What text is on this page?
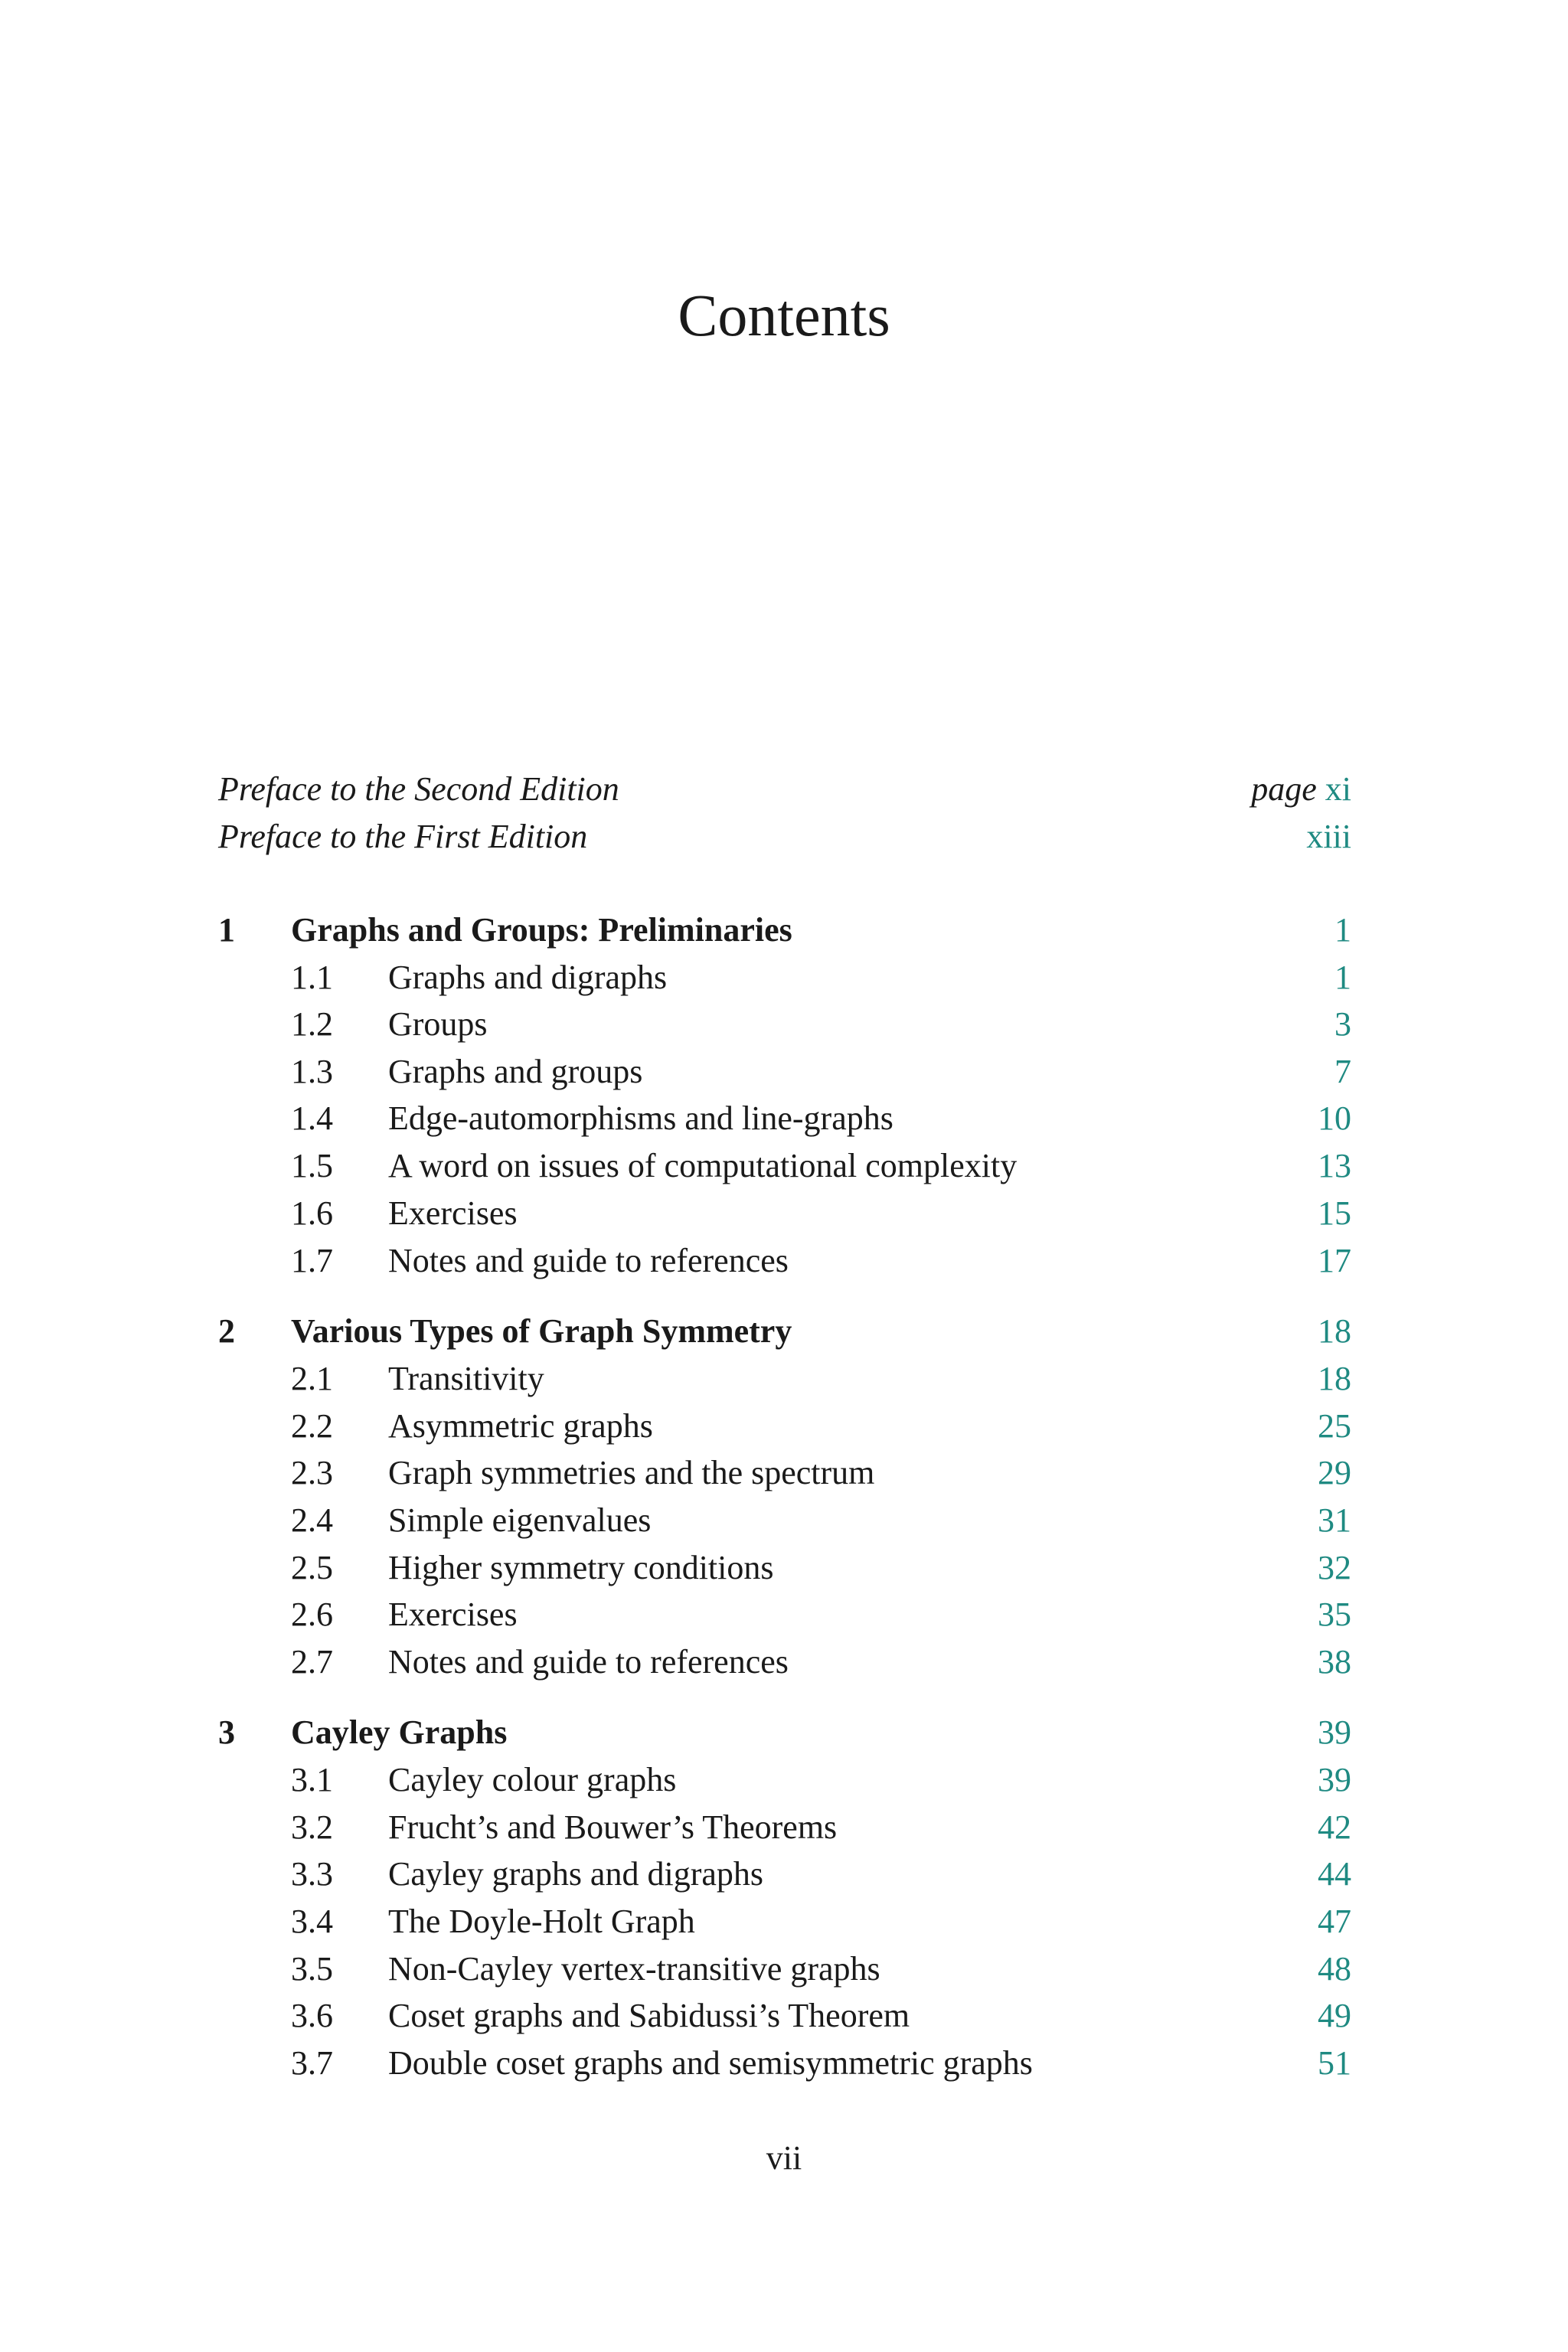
Contents
Preface to the Second Edition	page xi
Preface to the First Edition	xiii
1 Graphs and Groups: Preliminaries	1
1.1 Graphs and digraphs	1
1.2 Groups	3
1.3 Graphs and groups	7
1.4 Edge-automorphisms and line-graphs	10
1.5 A word on issues of computational complexity	13
1.6 Exercises	15
1.7 Notes and guide to references	17
2 Various Types of Graph Symmetry	18
2.1 Transitivity	18
2.2 Asymmetric graphs	25
2.3 Graph symmetries and the spectrum	29
2.4 Simple eigenvalues	31
2.5 Higher symmetry conditions	32
2.6 Exercises	35
2.7 Notes and guide to references	38
3 Cayley Graphs	39
3.1 Cayley colour graphs	39
3.2 Frucht’s and Bouwer’s Theorems	42
3.3 Cayley graphs and digraphs	44
3.4 The Doyle-Holt Graph	47
3.5 Non-Cayley vertex-transitive graphs	48
3.6 Coset graphs and Sabidussi’s Theorem	49
3.7 Double coset graphs and semisymmetric graphs	51
vii
